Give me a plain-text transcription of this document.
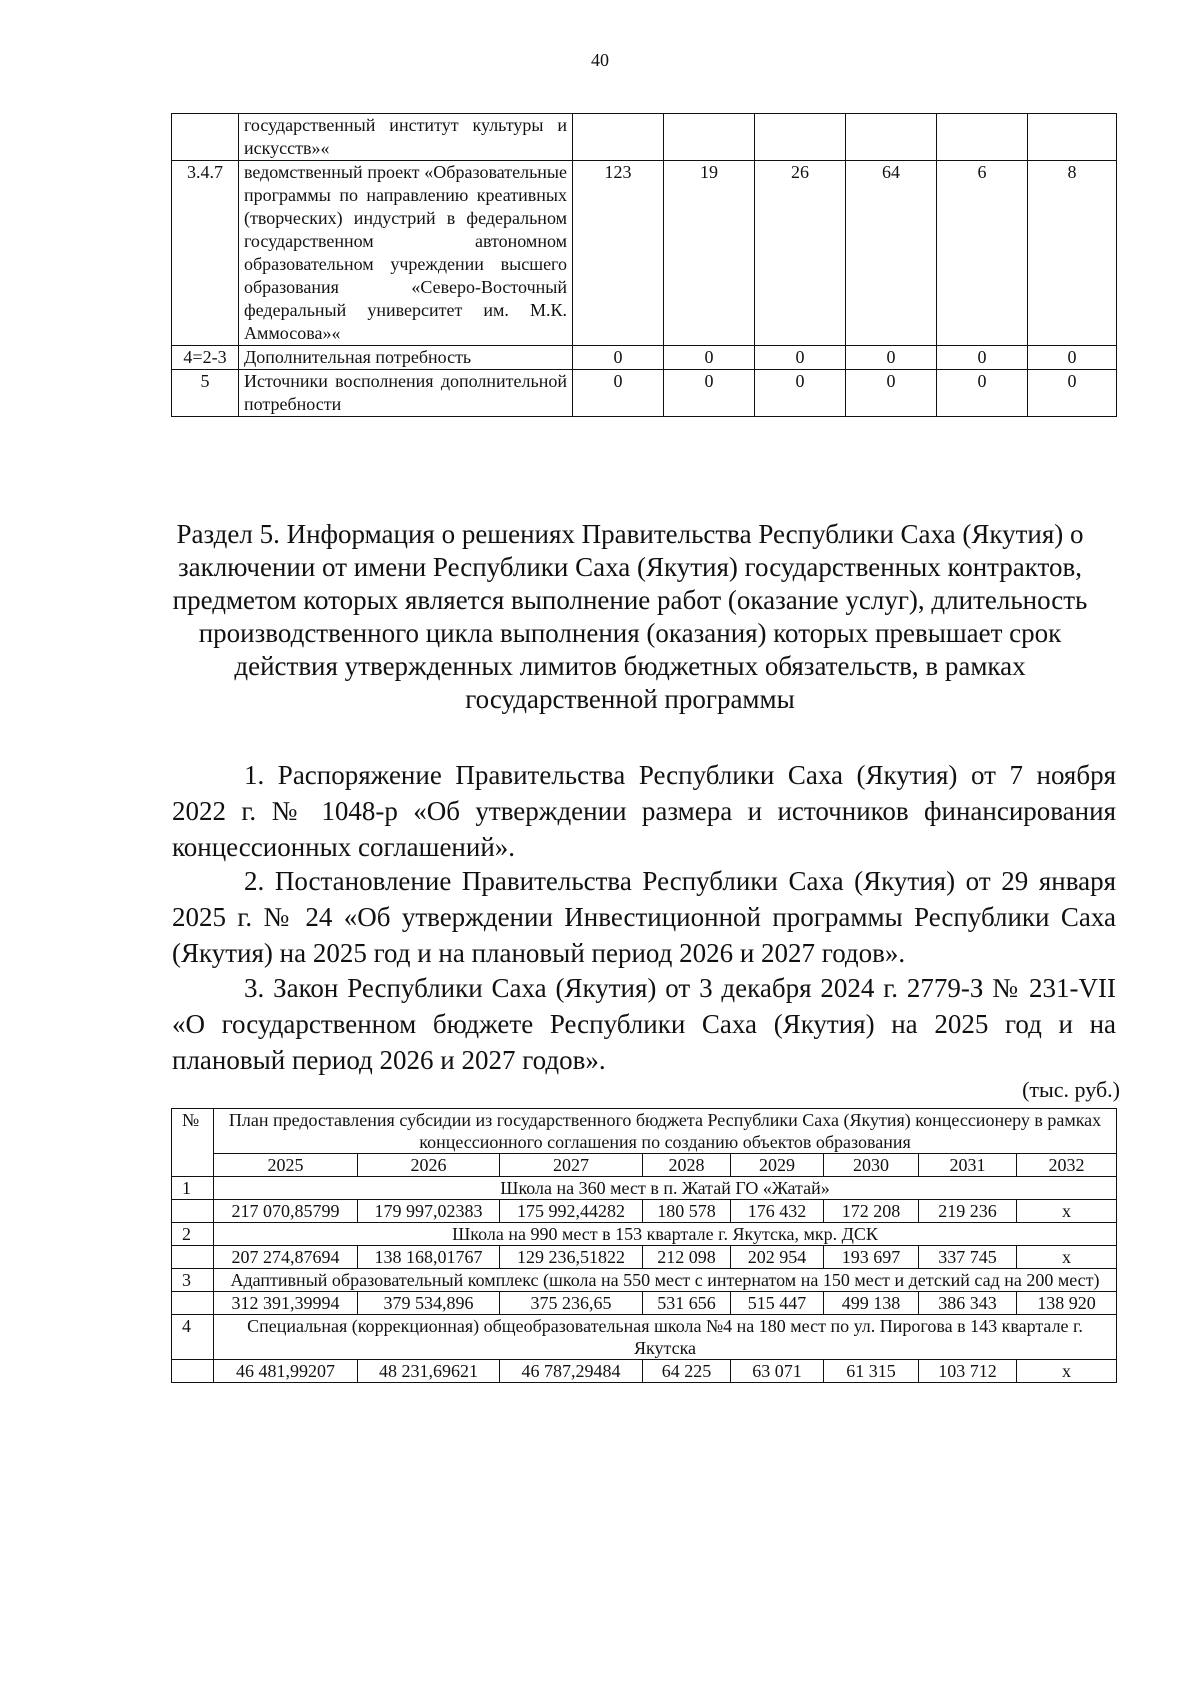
40
	государственный институт культуры и искусств»«						
3.4.7	ведомственный проект «Образовательные программы по направлению креативных (творческих) индустрий в федеральном государственном автономном образовательном учреждении высшего образования «Северо-Восточный федеральный университет им. М.К. Аммосова»«	123	19	26	64	6	8
4=2-3	Дополнительная потребность	0	0	0	0	0	0
5	Источники восполнения дополнительной потребности	0	0	0	0	0	0
Раздел 5. Информация о решениях Правительства Республики Саха (Якутия) о заключении от имени Республики Саха (Якутия) государственных контрактов, предметом которых является выполнение работ (оказание услуг), длительность производственного цикла выполнения (оказания) которых превышает срок действия утвержденных лимитов бюджетных обязательств, в рамках государственной программы

1. Распоряжение Правительства Республики Саха (Якутия) от 7 ноября 2022 г. № 1048-р «Об утверждении размера и источников финансирования концессионных соглашений».

2. Постановление Правительства Республики Саха (Якутия) от 29 января 2025 г. № 24 «Об утверждении Инвестиционной программы Республики Саха (Якутия) на 2025 год и на плановый период 2026 и 2027 годов».

3. Закон Республики Саха (Якутия) от 3 декабря 2024 г. 2779-З № 231-VII «О государственном бюджете Республики Саха (Якутия) на 2025 год и на плановый период 2026 и 2027 годов».

(тыс. руб.)
№	План предоставления субсидии из государственного бюджета Республики Саха (Якутия) концессионеру в рамках концессионного соглашения по созданию объектов образования							
	2025	2026	2027	2028	2029	2030	2031	2032
1	Школа на 360 мест в п. Жатай ГО «Жатай»							
	217 070,85799	179 997,02383	175 992,44282	180 578	176 432	172 208	219 236	х
2	Школа на 990 мест в 153 квартале г. Якутска, мкр. ДСК							
	207 274,87694	138 168,01767	129 236,51822	212 098	202 954	193 697	337 745	х
3	Адаптивный образовательный комплекс (школа на 550 мест с интернатом на 150 мест и детский сад на 200 мест)							
	312 391,39994	379 534,896	375 236,65	531 656	515 447	499 138	386 343	138 920
4	Специальная (коррекционная) общеобразовательная школа №4 на 180 мест по ул. Пирогова в 143 квартале г. Якутска							
	46 481,99207	48 231,69621	46 787,29484	64 225	63 071	61 315	103 712	х
